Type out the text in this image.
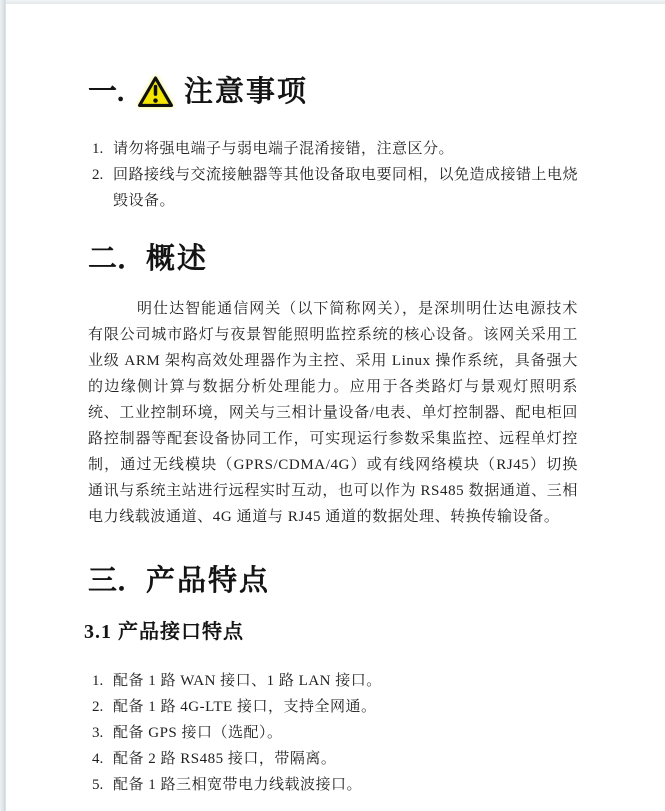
一.	注意事项
1. 请勿将强电端子与弱电端子混淆接错，注意区分。
2. 回路接线与交流接触器等其他设备取电要同相，以免造成接错上电烧毁设备。
二． 概述

明仕达智能通信网关（以下简称网关），是深圳明仕达电源技术有限公司城市路灯与夜景智能照明监控系统的核心设备。该网关采用工业级 ARM 架构高效处理器作为主控、采用 Linux 操作系统，具备强大的边缘侧计算与数据分析处理能力。应用于各类路灯与景观灯照明系统、工业控制环境，网关与三相计量设备/电表、单灯控制器、配电柜回路控制器等配套设备协同工作，可实现运行参数采集监控、远程单灯控制，通过无线模块（GPRS/CDMA/4G）或有线网络模块（RJ45）切换通讯与系统主站进行远程实时互动，也可以作为 RS485 数据通道、三相电力线载波通道、4G 通道与 RJ45 通道的数据处理、转换传输设备。

三． 产品特点
3.1 产品接口特点
1. 配备 1 路 WAN 接口、1 路 LAN 接口。
2. 配备 1 路 4G-LTE 接口，支持全网通。
3. 配备 GPS 接口（选配）。
4. 配备 2 路 RS485 接口，带隔离。
5. 配备 1 路三相宽带电力线载波接口。
